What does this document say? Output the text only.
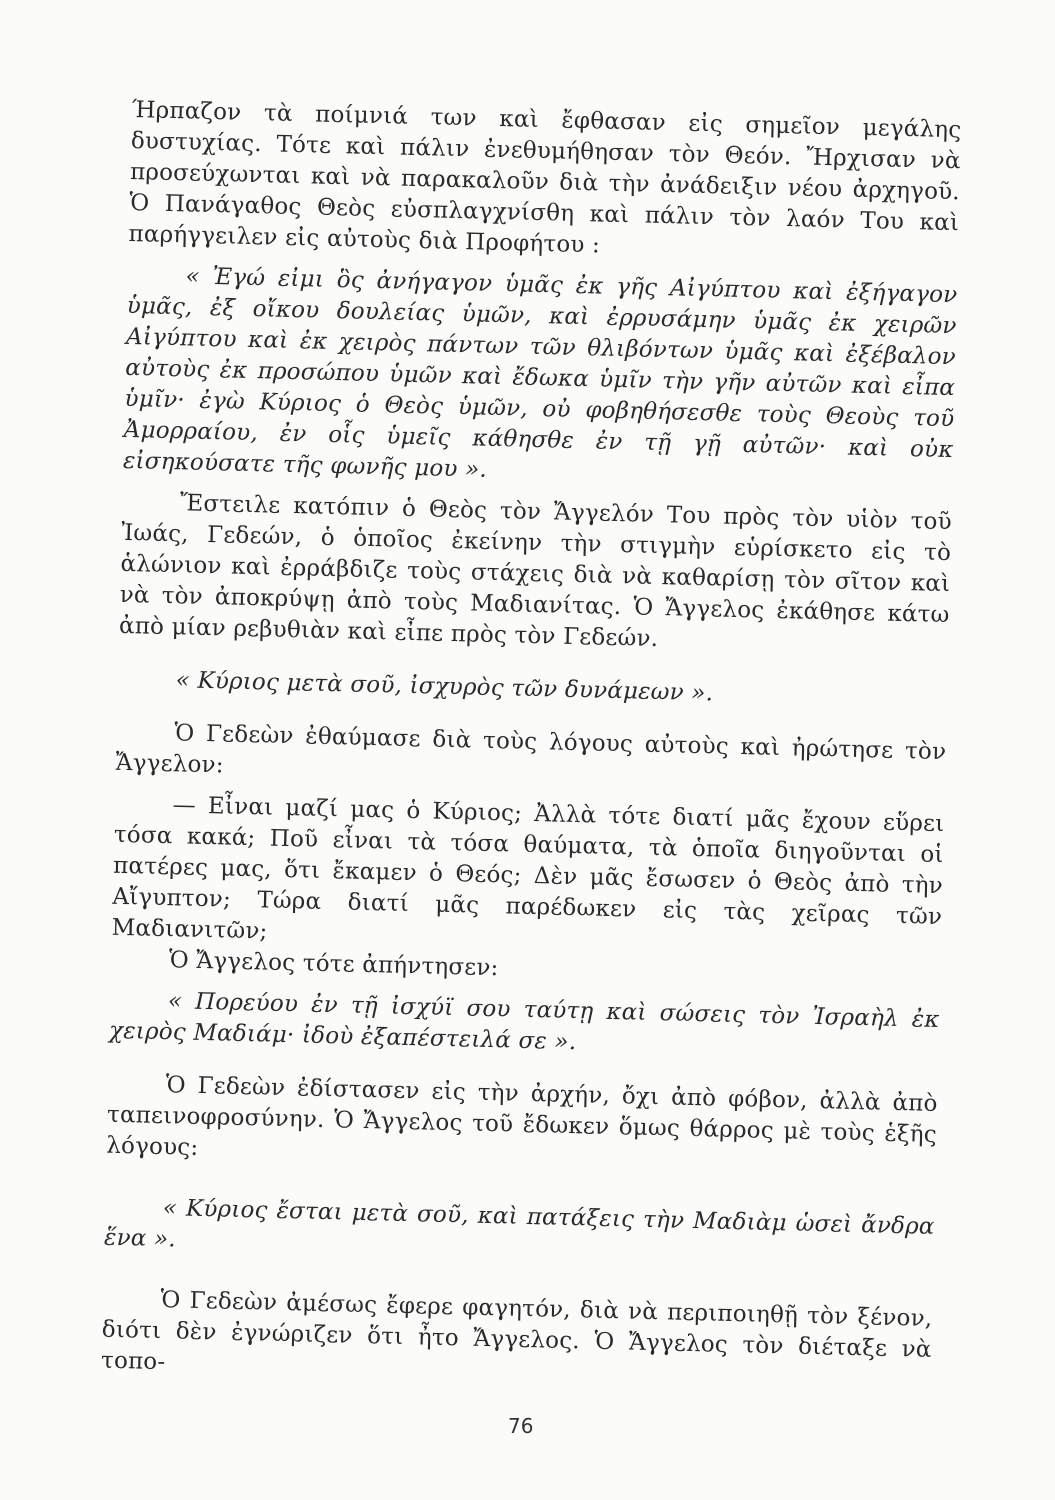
Ήρπαζον τὰ ποίμνιά των καὶ ἔφθασαν εἰς σημεῖον μεγάλης δυστυχίας. Τότε καὶ πάλιν ἐνεθυμήθησαν τὸν Θεόν. Ἤρχισαν νὰ προσεύχωνται καὶ νὰ παρακαλοῦν διὰ τὴν ἀνάδειξιν νέου ἀρχηγοῦ. Ὁ Πανάγαθος Θεὸς εὐσπλαγχνίσθη καὶ πάλιν τὸν λαόν Του καὶ παρήγγειλεν εἰς αὐτοὺς διὰ Προφήτου :

« Ἐγώ εἰμι ὃς ἀνήγαγον ὑμᾶς ἐκ γῆς Αἰγύπτου καὶ ἐξήγαγον ὑμᾶς, ἐξ οἴκου δουλείας ὑμῶν, καὶ ἐρρυσάμην ὑμᾶς ἐκ χειρῶν Αἰγύπτου καὶ ἐκ χειρὸς πάντων τῶν θλιβόντων ὑμᾶς καὶ ἐξέβαλον αὐτοὺς ἐκ προσώπου ὑμῶν καὶ ἔδωκα ὑμῖν τὴν γῆν αὐτῶν καὶ εἶπα ὑμῖν· ἐγὼ Κύριος ὁ Θεὸς ὑμῶν, οὐ φοβηθήσεσθε τοὺς Θεοὺς τοῦ Ἀμορραίου, ἐν οἷς ὑμεῖς κάθησθε ἐν τῇ γῇ αὐτῶν· καὶ οὐκ εἰσηκούσατε τῆς φωνῆς μου ».

Ἔστειλε κατόπιν ὁ Θεὸς τὸν Ἄγγελόν Του πρὸς τὸν υἱὸν τοῦ Ἰωάς, Γεδεών, ὁ ὁποῖος ἐκείνην τὴν στιγμὴν εὑρίσκετο εἰς τὸ ἁλώνιον καὶ ἐρράβδιζε τοὺς στάχεις διὰ νὰ καθαρίσῃ τὸν σῖτον καὶ νὰ τὸν ἀποκρύψῃ ἀπὸ τοὺς Μαδιανίτας. Ὁ Ἄγγελος ἐκάθησε κάτω ἀπὸ μίαν ρεβυθιὰν καὶ εἶπε πρὸς τὸν Γεδεών.

« Κύριος μετὰ σοῦ, ἰσχυρὸς τῶν δυνάμεων ».

Ὁ Γεδεὼν ἐθαύμασε διὰ τοὺς λόγους αὐτοὺς καὶ ἠρώτησε τὸν Ἄγγελον:

— Εἶναι μαζί μας ὁ Κύριος; Ἀλλὰ τότε διατί μᾶς ἔχουν εὕρει τόσα κακά; Ποῦ εἶναι τὰ τόσα θαύματα, τὰ ὁποῖα διηγοῦνται οἱ πατέρες μας, ὅτι ἔκαμεν ὁ Θεός; Δὲν μᾶς ἔσωσεν ὁ Θεὸς ἀπὸ τὴν Αἴγυπτον; Τώρα διατί μᾶς παρέδωκεν εἰς τὰς χεῖρας τῶν Μαδιανιτῶν;

Ὁ Ἄγγελος τότε ἀπήντησεν:

« Πορεύου ἐν τῇ ἰσχύϊ σου ταύτῃ καὶ σώσεις τὸν Ἰσραὴλ ἐκ χειρὸς Μαδιάμ· ἰδοὺ ἐξαπέστειλά σε ».

Ὁ Γεδεὼν ἐδίστασεν εἰς τὴν ἀρχήν, ὄχι ἀπὸ φόβον, ἀλλὰ ἀπὸ ταπεινοφροσύνην. Ὁ Ἄγγελος τοῦ ἔδωκεν ὅμως θάρρος μὲ τοὺς ἑξῆς λόγους:

« Κύριος ἔσται μετὰ σοῦ, καὶ πατάξεις τὴν Μαδιὰμ ὡσεὶ ἄνδρα ἕνα ».

Ὁ Γεδεὼν ἀμέσως ἔφερε φαγητόν, διὰ νὰ περιποιηθῇ τὸν ξένον, διότι δὲν ἐγνώριζεν ὅτι ἦτο Ἄγγελος. Ὁ Ἄγγελος τὸν διέταξε νὰ τοπο-

76
